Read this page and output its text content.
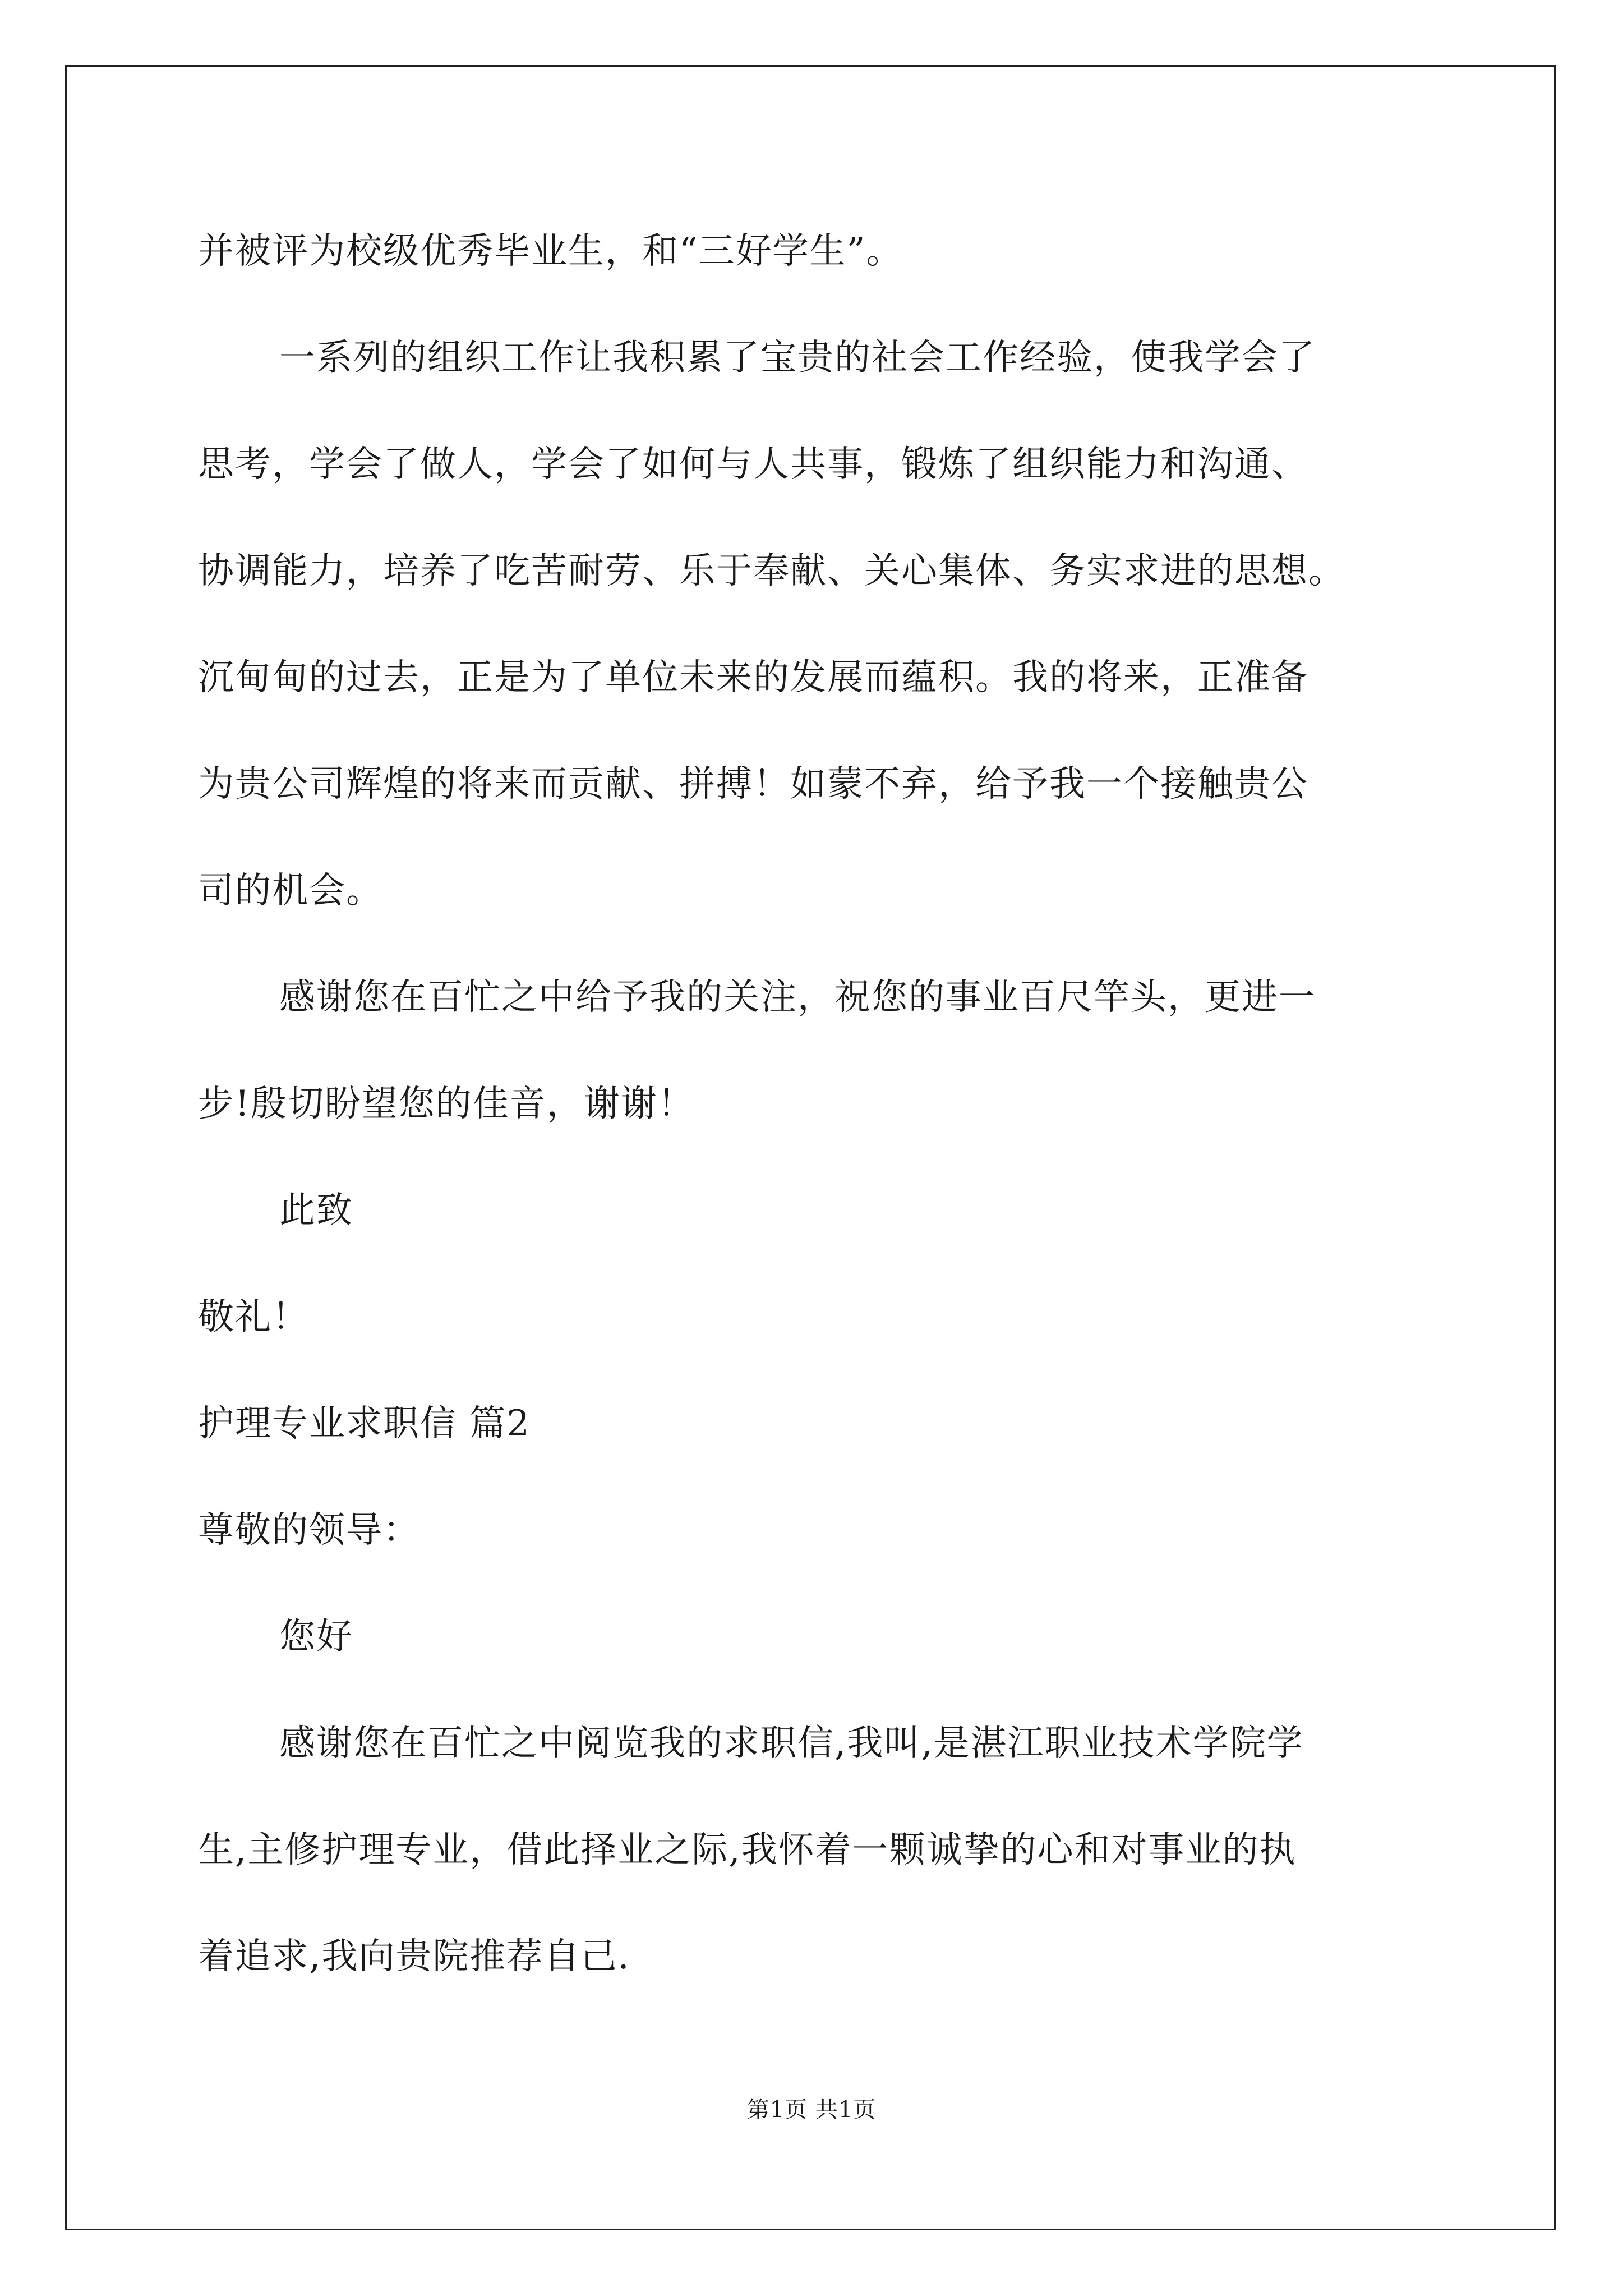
并被评为校级优秀毕业生，和“三好学生”。
一系列的组织工作让我积累了宝贵的社会工作经验，使我学会了
思考，学会了做人，学会了如何与人共事，锻炼了组织能力和沟通、
协调能力，培养了吃苦耐劳、乐于奉献、关心集体、务实求进的思想。
沉甸甸的过去，正是为了单位未来的发展而蕴积。我的将来，正准备
为贵公司辉煌的将来而贡献、拼搏！如蒙不弃，给予我一个接触贵公
司的机会。
感谢您在百忙之中给予我的关注，祝您的事业百尺竿头，更进一
步!殷切盼望您的佳音，谢谢！
此致
敬礼！
护理专业求职信 篇2
尊敬的领导：
您好
感谢您在百忙之中阅览我的求职信,我叫,是湛江职业技术学院学
生,主修护理专业，借此择业之际,我怀着一颗诚挚的心和对事业的执
着追求,我向贵院推荐自己.
第1页 共1页
